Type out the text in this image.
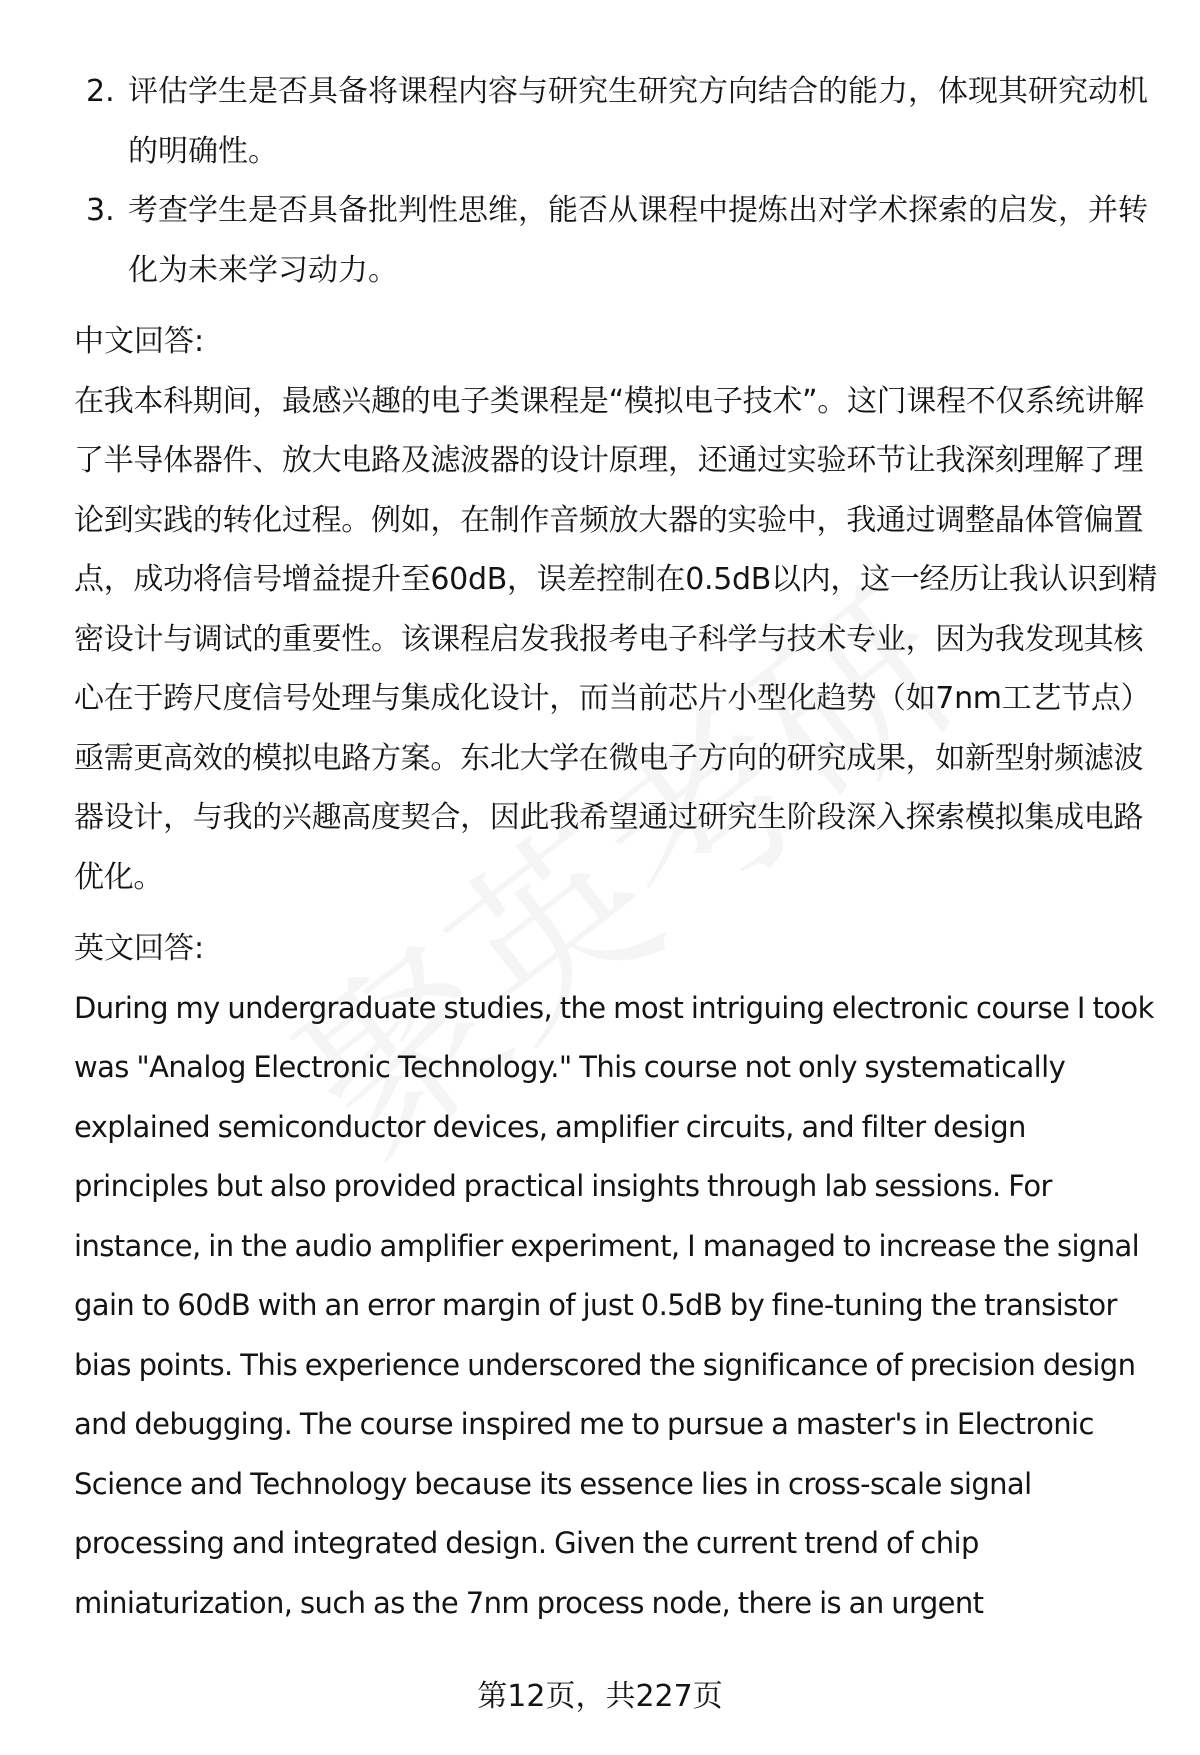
2. 评估学生是否具备将课程内容与研究生研究方向结合的能力，体现其研究动机的明确性。
3. 考查学生是否具备批判性思维，能否从课程中提炼出对学术探索的启发，并转化为未来学习动力。

中文回答:

在我本科期间，最感兴趣的电子类课程是“模拟电子技术”。这门课程不仅系统讲解了半导体器件、放大电路及滤波器的设计原理，还通过实验环节让我深刻理解了理论到实践的转化过程。例如，在制作音频放大器的实验中，我通过调整晶体管偏置点，成功将信号增益提升至60dB，误差控制在0.5dB以内，这一经历让我认识到精密设计与调试的重要性。该课程启发我报考电子科学与技术专业，因为我发现其核心在于跨尺度信号处理与集成化设计，而当前芯片小型化趋势（如7nm工艺节点）亟需更高效的模拟电路方案。东北大学在微电子方向的研究成果，如新型射频滤波器设计，与我的兴趣高度契合，因此我希望通过研究生阶段深入探索模拟集成电路优化。

英文回答:

During my undergraduate studies, the most intriguing electronic course I took was "Analog Electronic Technology." This course not only systematically explained semiconductor devices, amplifier circuits, and filter design principles but also provided practical insights through lab sessions. For instance, in the audio amplifier experiment, I managed to increase the signal gain to 60dB with an error margin of just 0.5dB by fine-tuning the transistor bias points. This experience underscored the significance of precision design and debugging. The course inspired me to pursue a master's in Electronic Science and Technology because its essence lies in cross-scale signal processing and integrated design. Given the current trend of chip miniaturization, such as the 7nm process node, there is an urgent

第12页，共227页
